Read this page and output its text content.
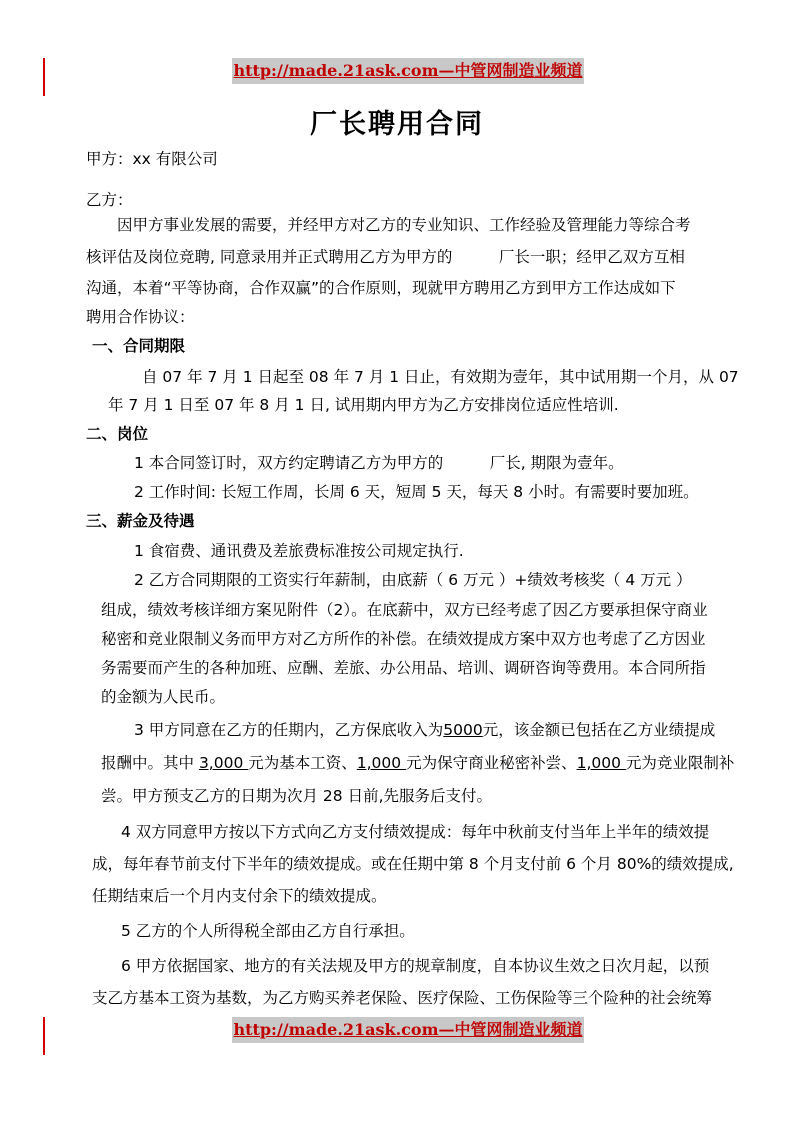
http://made.21ask.com—中管网制造业频道
厂长聘用合同
甲方：xx 有限公司
乙方：
因甲方事业发展的需要，并经甲方对乙方的专业知识、工作经验及管理能力等综合考
核评估及岗位竞聘, 同意录用并正式聘用乙方为甲方的　　　厂长一职；经甲乙双方互相
沟通，本着“平等协商，合作双赢”的合作原则，现就甲方聘用乙方到甲方工作达成如下
聘用合作协议：
一、合同期限
自 07 年 7 月 1 日起至 08 年 7 月 1 日止，有效期为壹年，其中试用期一个月，从 07
年 7 月 1 日至 07 年 8 月 1 日, 试用期内甲方为乙方安排岗位适应性培训.
二、岗位
1 本合同签订时，双方约定聘请乙方为甲方的　　　厂长, 期限为壹年。
2 工作时间: 长短工作周，长周 6 天，短周 5 天，每天 8 小时。有需要时要加班。
三、薪金及待遇
1 食宿费、通讯费及差旅费标准按公司规定执行.
2 乙方合同期限的工资实行年薪制，由底薪（ 6 万元 ）+绩效考核奖（ 4 万元 ）
组成，绩效考核详细方案见附件（2）。在底薪中，双方已经考虑了因乙方要承担保守商业
秘密和竞业限制义务而甲方对乙方所作的补偿。在绩效提成方案中双方也考虑了乙方因业
务需要而产生的各种加班、应酬、差旅、办公用品、培训、调研咨询等费用。本合同所指
的金额为人民币。
3 甲方同意在乙方的任期内，乙方保底收入为5000元，该金额已包括在乙方业绩提成
报酬中。其中 3,000 元为基本工资、1,000 元为保守商业秘密补尝、1,000 元为竞业限制补
尝。甲方预支乙方的日期为次月 28 日前,先服务后支付。
4 双方同意甲方按以下方式向乙方支付绩效提成：每年中秋前支付当年上半年的绩效提
成，每年春节前支付下半年的绩效提成。或在任期中第 8 个月支付前 6 个月 80%的绩效提成,
任期结束后一个月内支付余下的绩效提成。
5 乙方的个人所得税全部由乙方自行承担。
6 甲方依据国家、地方的有关法规及甲方的规章制度，自本协议生效之日次月起，以预
支乙方基本工资为基数，为乙方购买养老保险、医疗保险、工伤保险等三个险种的社会统筹
http://made.21ask.com—中管网制造业频道
